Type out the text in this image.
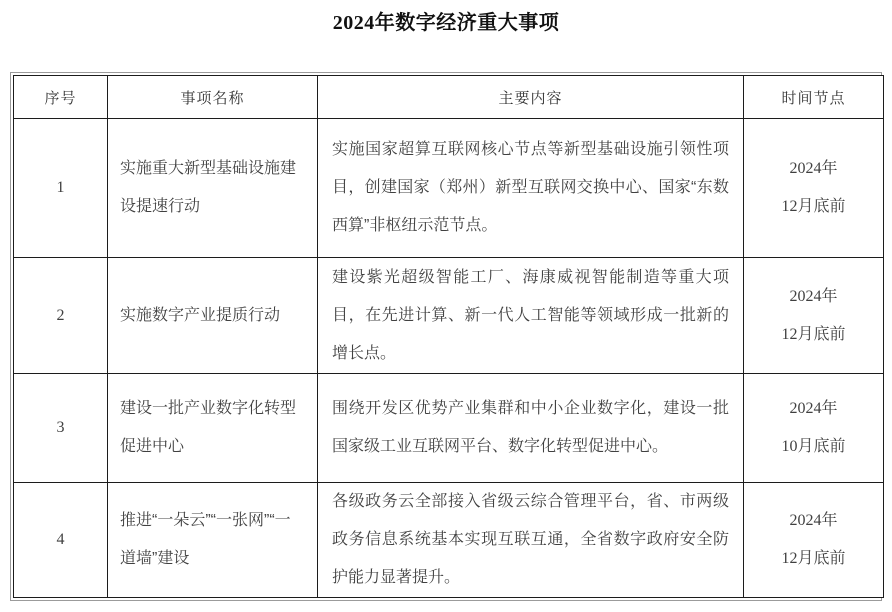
2024年数字经济重大事项
序号	事项名称	主要内容	时间节点
1	实施重大新型基础设施建设提速行动	实施国家超算互联网核心节点等新型基础设施引领性项目，创建国家（郑州）新型互联网交换中心、国家“东数西算”非枢纽示范节点。	2024年
12月底前

2	实施数字产业提质行动	建设紫光超级智能工厂、海康威视智能制造等重大项目，在先进计算、新一代人工智能等领域形成一批新的增长点。	2024年
12月底前

3	建设一批产业数字化转型促进中心	围绕开发区优势产业集群和中小企业数字化，建设一批国家级工业互联网平台、数字化转型促进中心。	2024年
10月底前

4	推进“一朵云”“一张网”“一道墙”建设	各级政务云全部接入省级云综合管理平台，省、市两级政务信息系统基本实现互联互通，全省数字政府安全防护能力显著提升。	2024年
12月底前
